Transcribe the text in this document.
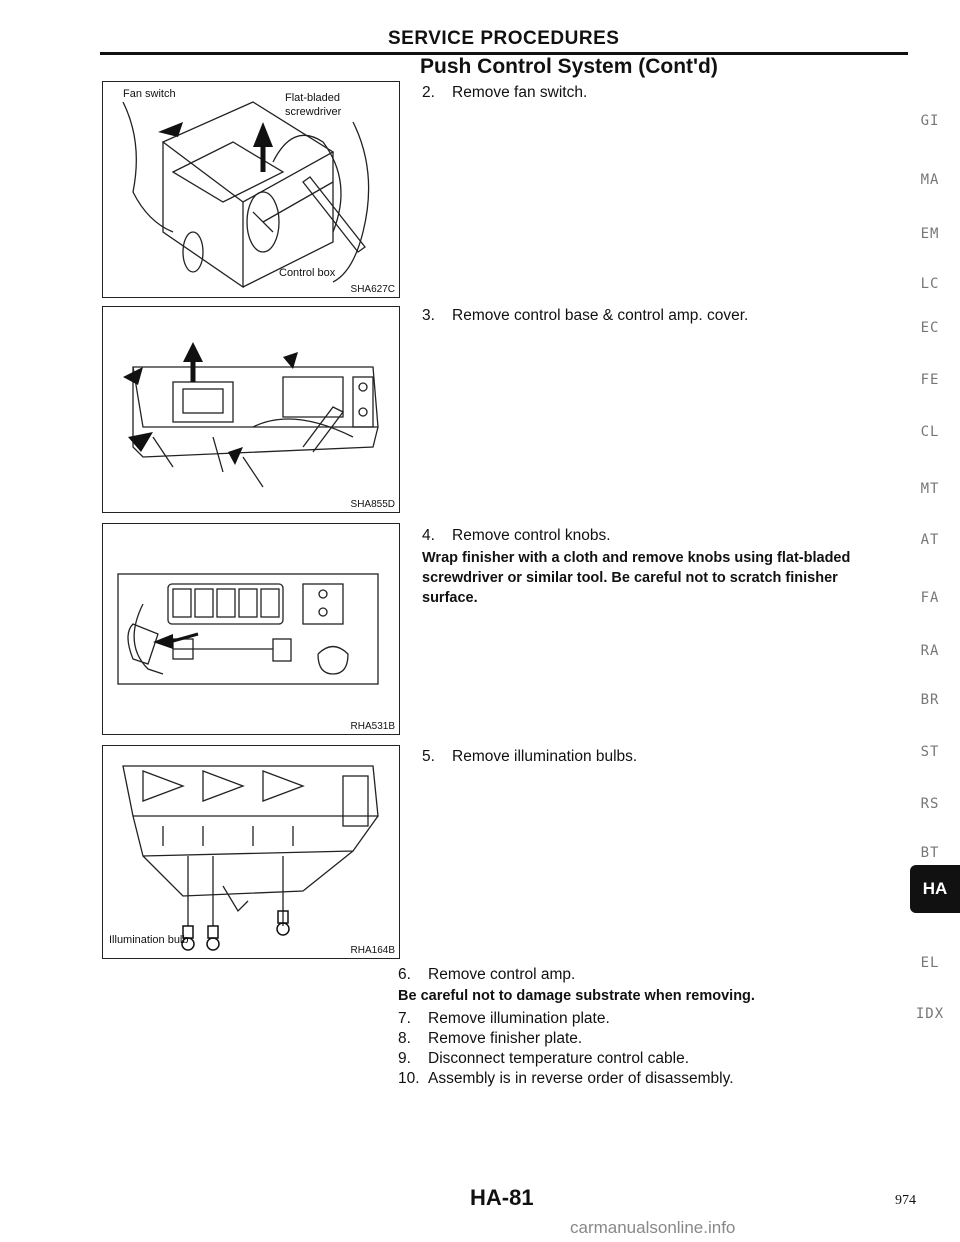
SERVICE PROCEDURES
Push Control System (Cont'd)
Fan switch	Flat-bladed
screwdriver
Control box
SHA627C
SHA855D
RHA531B
Illumination bulb
RHA164B
2. Remove fan switch.
3. Remove control base & control amp. cover.
4. Remove control knobs.
Wrap finisher with a cloth and remove knobs using flat-bladed
screwdriver or similar tool. Be careful not to scratch finisher
surface.
5. Remove illumination bulbs.
6. Remove control amp.
Be careful not to damage substrate when removing.
7. Remove illumination plate.
8. Remove finisher plate.
9. Disconnect temperature control cable.
10. Assembly is in reverse order of disassembly.
GI
MA
EM
LC
EC
FE
CL
MT
AT
FA
RA
BR
ST
RS
BT
HA
EL
IDX
HA-81	974
carmanualsonline.info
